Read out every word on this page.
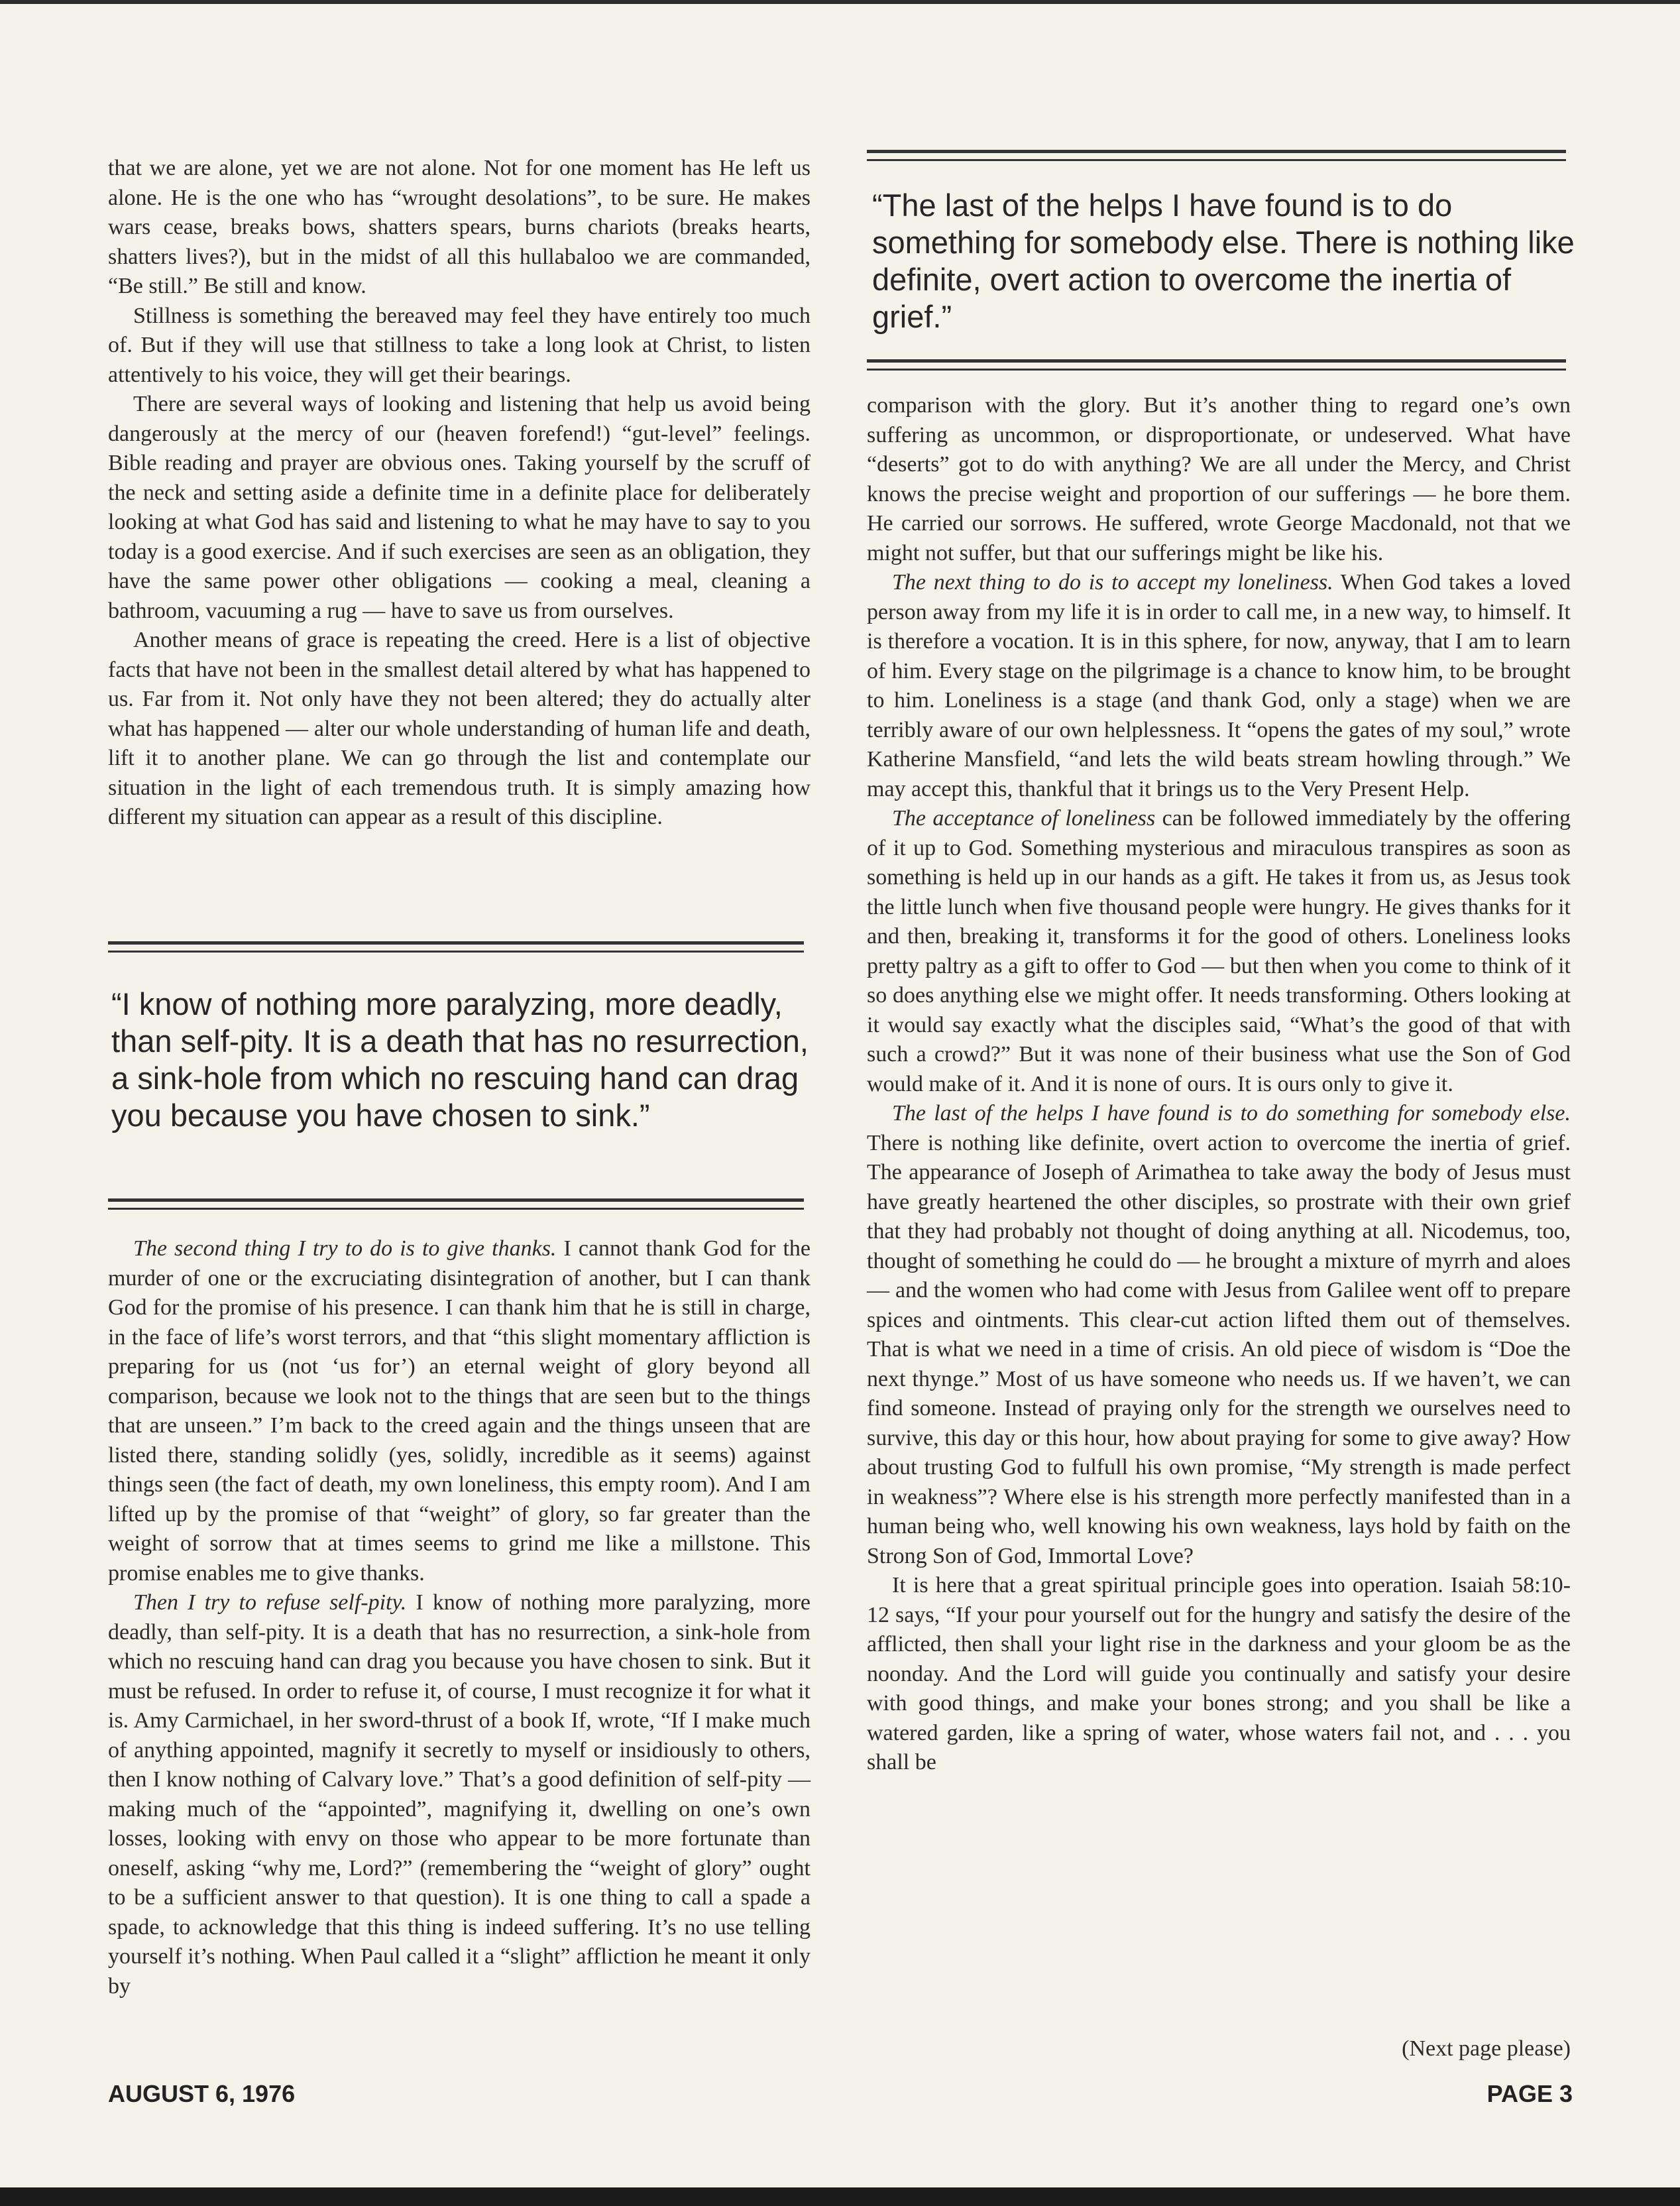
that we are alone, yet we are not alone. Not for one moment has He left us alone. He is the one who has “wrought desolations”, to be sure. He makes wars cease, breaks bows, shatters spears, burns chariots (breaks hearts, shatters lives?), but in the midst of all this hullabaloo we are commanded, “Be still.” Be still and know.

Stillness is something the bereaved may feel they have entirely too much of. But if they will use that stillness to take a long look at Christ, to listen attentively to his voice, they will get their bearings.

There are several ways of looking and listening that help us avoid being dangerously at the mercy of our (heaven forefend!) “gut-level” feelings. Bible reading and prayer are obvious ones. Taking yourself by the scruff of the neck and setting aside a definite time in a definite place for deliberately looking at what God has said and listening to what he may have to say to you today is a good exercise. And if such exercises are seen as an obligation, they have the same power other obligations — cooking a meal, cleaning a bathroom, vacuuming a rug — have to save us from ourselves.

Another means of grace is repeating the creed. Here is a list of objective facts that have not been in the smallest detail altered by what has happened to us. Far from it. Not only have they not been altered; they do actually alter what has happened — alter our whole understanding of human life and death, lift it to another plane. We can go through the list and contemplate our situation in the light of each tremendous truth. It is simply amazing how different my situation can appear as a result of this discipline.

“I know of nothing more paralyzing, more deadly, than self-pity. It is a death that has no resurrection, a sink-hole from which no rescuing hand can drag you because you have chosen to sink.”

The second thing I try to do is to give thanks. I cannot thank God for the murder of one or the excruciating disintegration of another, but I can thank God for the promise of his presence. I can thank him that he is still in charge, in the face of life’s worst terrors, and that “this slight momentary affliction is preparing for us (not ‘us for’) an eternal weight of glory beyond all comparison, because we look not to the things that are seen but to the things that are unseen.” I’m back to the creed again and the things unseen that are listed there, standing solidly (yes, solidly, incredible as it seems) against things seen (the fact of death, my own loneliness, this empty room). And I am lifted up by the promise of that “weight” of glory, so far greater than the weight of sorrow that at times seems to grind me like a millstone. This promise enables me to give thanks.

Then I try to refuse self-pity. I know of nothing more paralyzing, more deadly, than self-pity. It is a death that has no resurrection, a sink-hole from which no rescuing hand can drag you because you have chosen to sink. But it must be refused. In order to refuse it, of course, I must recognize it for what it is. Amy Carmichael, in her sword-thrust of a book If, wrote, “If I make much of anything appointed, magnify it secretly to myself or insidiously to others, then I know nothing of Calvary love.” That’s a good definition of self-pity — making much of the “appointed”, magnifying it, dwelling on one’s own losses, looking with envy on those who appear to be more fortunate than oneself, asking “why me, Lord?” (remembering the “weight of glory” ought to be a sufficient answer to that question). It is one thing to call a spade a spade, to acknowledge that this thing is indeed suffering. It’s no use telling yourself it’s nothing. When Paul called it a “slight” affliction he meant it only by

“The last of the helps I have found is to do something for somebody else. There is nothing like definite, overt action to overcome the inertia of grief.”

comparison with the glory. But it’s another thing to regard one’s own suffering as uncommon, or disproportionate, or undeserved. What have “deserts” got to do with anything? We are all under the Mercy, and Christ knows the precise weight and proportion of our sufferings — he bore them. He carried our sorrows. He suffered, wrote George Macdonald, not that we might not suffer, but that our sufferings might be like his.

The next thing to do is to accept my loneliness. When God takes a loved person away from my life it is in order to call me, in a new way, to himself. It is therefore a vocation. It is in this sphere, for now, anyway, that I am to learn of him. Every stage on the pilgrimage is a chance to know him, to be brought to him. Loneliness is a stage (and thank God, only a stage) when we are terribly aware of our own helplessness. It “opens the gates of my soul,” wrote Katherine Mansfield, “and lets the wild beats stream howling through.” We may accept this, thankful that it brings us to the Very Present Help.

The acceptance of loneliness can be followed immediately by the offering of it up to God. Something mysterious and miraculous transpires as soon as something is held up in our hands as a gift. He takes it from us, as Jesus took the little lunch when five thousand people were hungry. He gives thanks for it and then, breaking it, transforms it for the good of others. Loneliness looks pretty paltry as a gift to offer to God — but then when you come to think of it so does anything else we might offer. It needs transforming. Others looking at it would say exactly what the disciples said, “What’s the good of that with such a crowd?” But it was none of their business what use the Son of God would make of it. And it is none of ours. It is ours only to give it.

The last of the helps I have found is to do something for somebody else. There is nothing like definite, overt action to overcome the inertia of grief. The appearance of Joseph of Arimathea to take away the body of Jesus must have greatly heartened the other disciples, so prostrate with their own grief that they had probably not thought of doing anything at all. Nicodemus, too, thought of something he could do — he brought a mixture of myrrh and aloes — and the women who had come with Jesus from Galilee went off to prepare spices and ointments. This clear-cut action lifted them out of themselves. That is what we need in a time of crisis. An old piece of wisdom is “Doe the next thynge.” Most of us have someone who needs us. If we haven’t, we can find someone. Instead of praying only for the strength we ourselves need to survive, this day or this hour, how about praying for some to give away? How about trusting God to fulfull his own promise, “My strength is made perfect in weakness”? Where else is his strength more perfectly manifested than in a human being who, well knowing his own weakness, lays hold by faith on the Strong Son of God, Immortal Love?

It is here that a great spiritual principle goes into operation. Isaiah 58:10-12 says, “If your pour yourself out for the hungry and satisfy the desire of the afflicted, then shall your light rise in the darkness and your gloom be as the noonday. And the Lord will guide you continually and satisfy your desire with good things, and make your bones strong; and you shall be like a watered garden, like a spring of water, whose waters fail not, and . . . you shall be

(Next page please)
AUGUST 6, 1976	PAGE 3
